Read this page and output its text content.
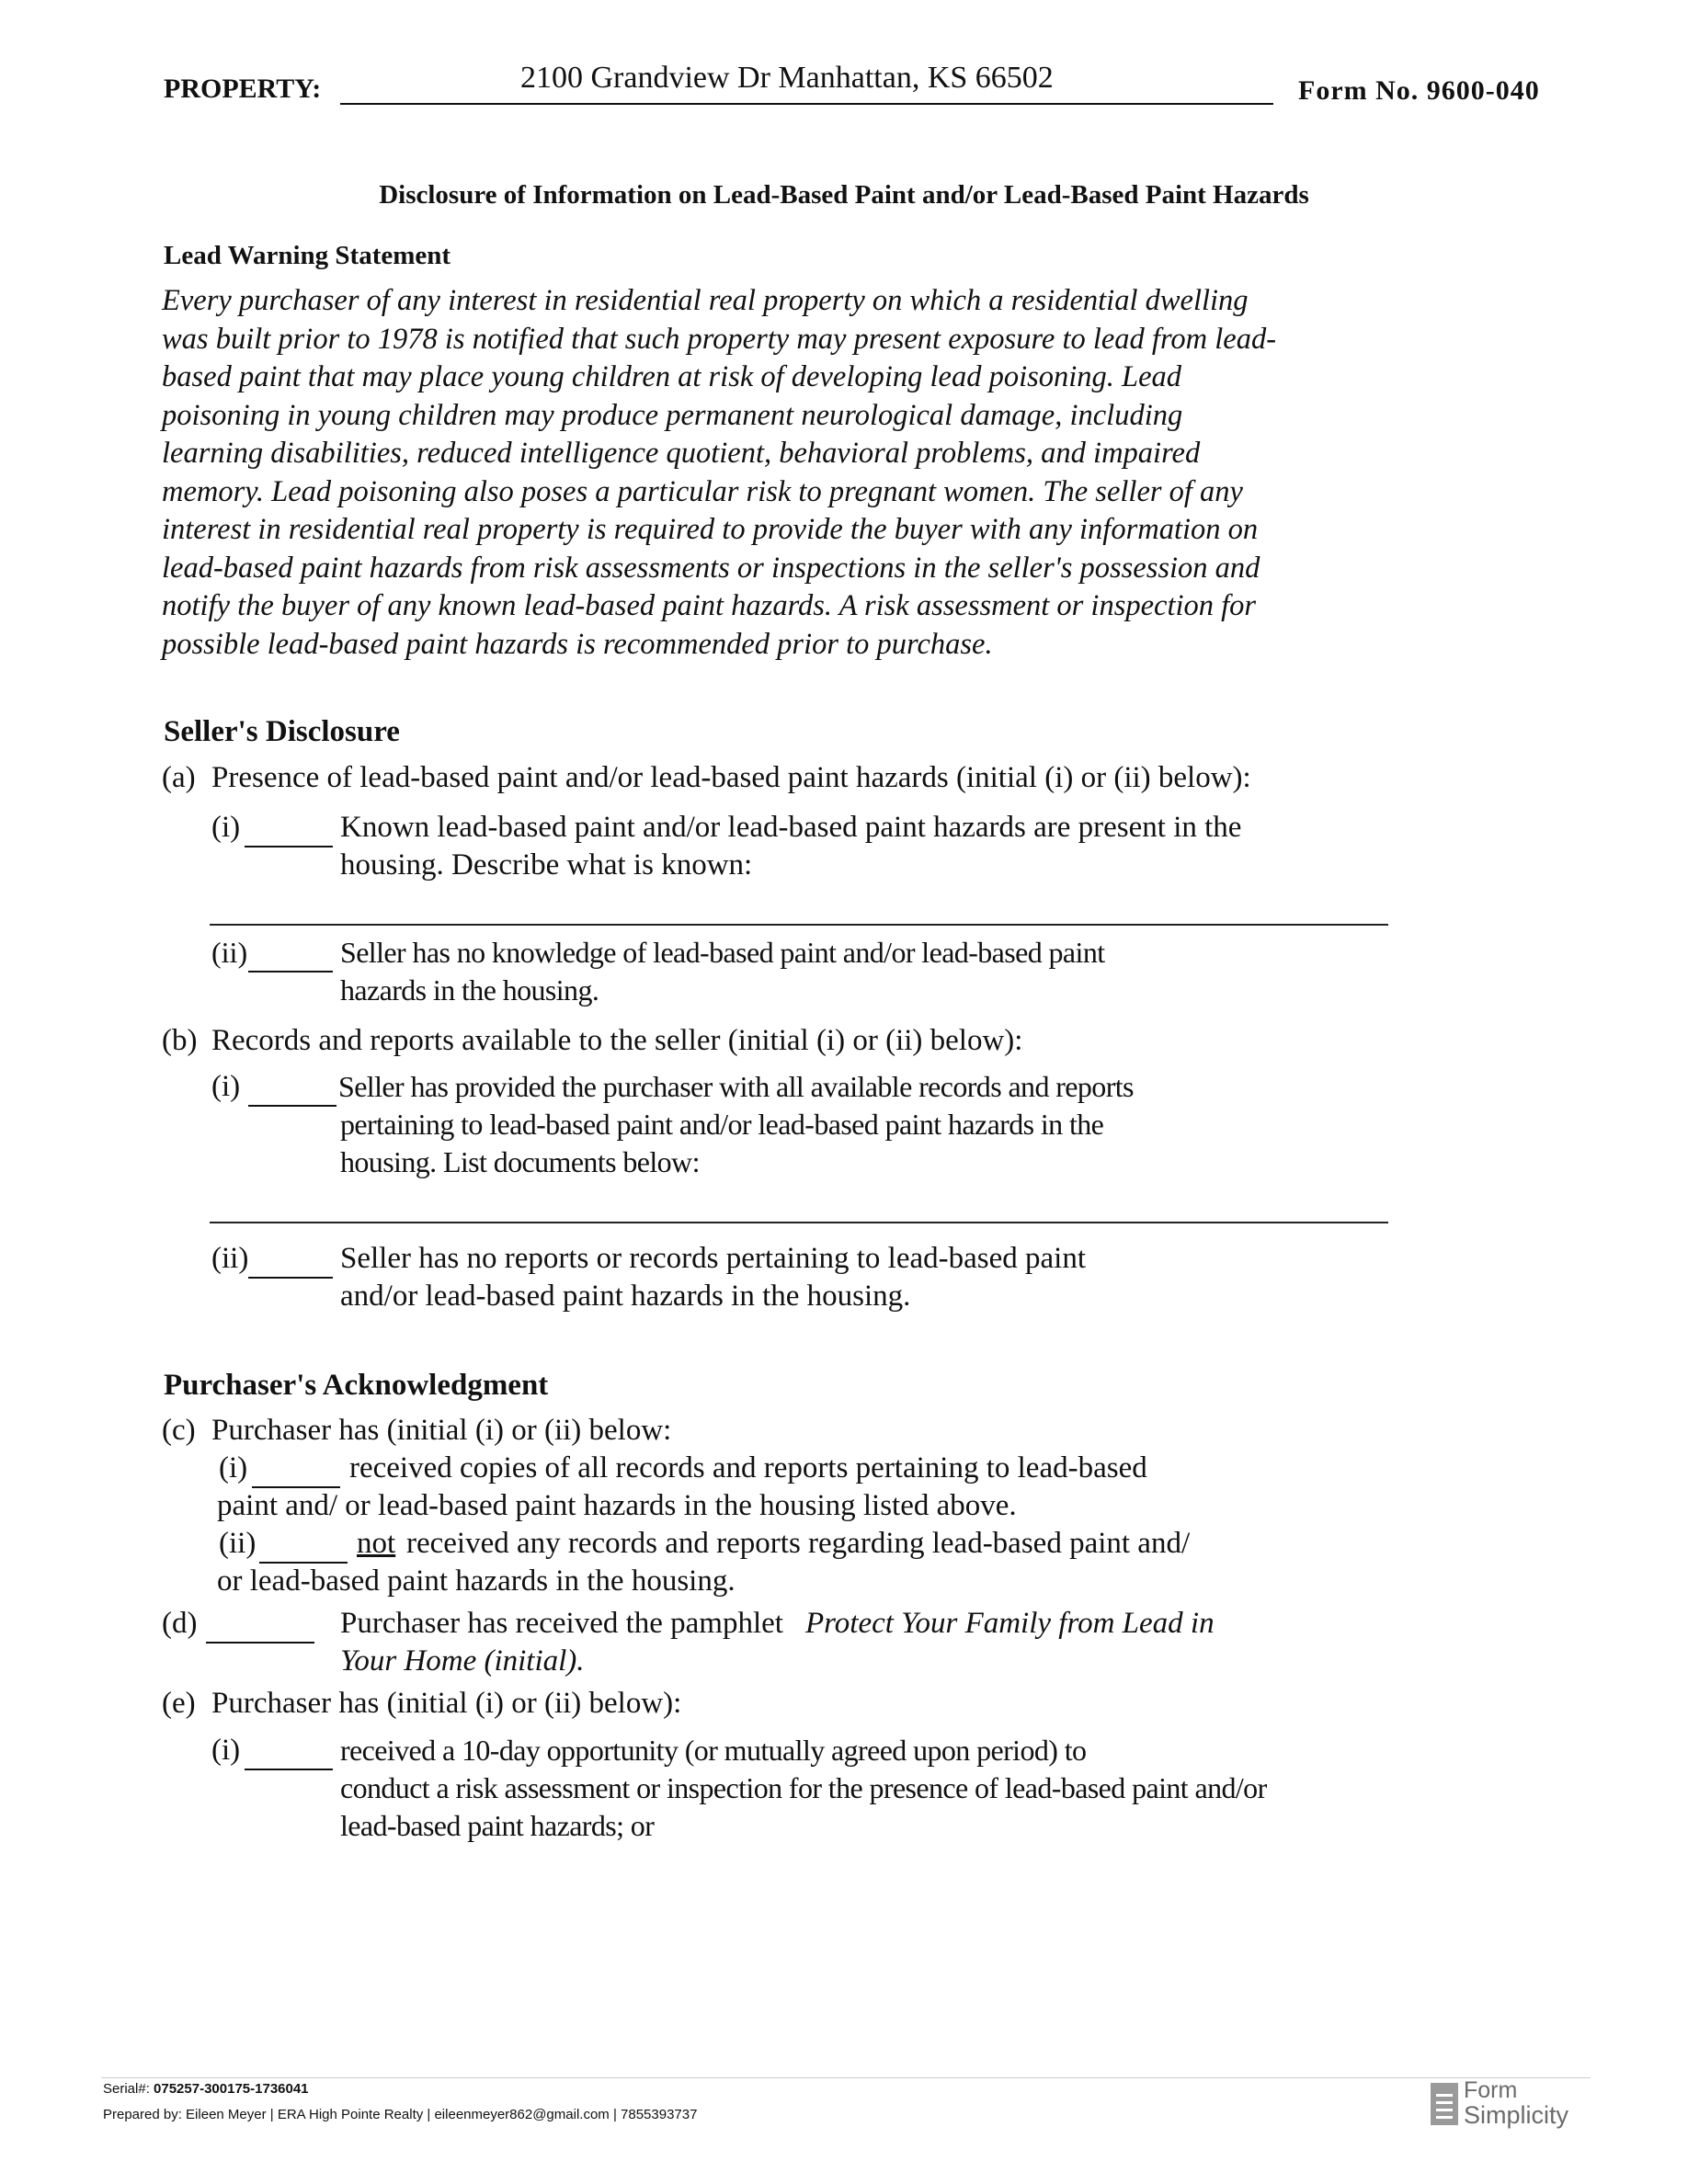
PROPERTY:	2100 Grandview Dr Manhattan, KS 66502	Form No. 9600-040
Disclosure of Information on Lead-Based Paint and/or Lead-Based Paint Hazards
Lead Warning Statement
Every purchaser of any interest in residential real property on which a residential dwelling
was built prior to 1978 is notified that such property may present exposure to lead from lead-
based paint that may place young children at risk of developing lead poisoning. Lead
poisoning in young children may produce permanent neurological damage, including
learning disabilities, reduced intelligence quotient, behavioral problems, and impaired
memory. Lead poisoning also poses a particular risk to pregnant women. The seller of any
interest in residential real property is required to provide the buyer with any information on
lead-based paint hazards from risk assessments or inspections in the seller's possession and
notify the buyer of any known lead-based paint hazards. A risk assessment or inspection for
possible lead-based paint hazards is recommended prior to purchase.
Seller's Disclosure
(a) Presence of lead-based paint and/or lead-based paint hazards (initial (i) or (ii) below):
(i)	Known lead-based paint and/or lead-based paint hazards are present in the
housing. Describe what is known:
(ii)	Seller has no knowledge of lead-based paint and/or lead-based paint
hazards in the housing.
(b) Records and reports available to the seller (initial (i) or (ii) below):
(i)	Seller has provided the purchaser with all available records and reports
pertaining to lead-based paint and/or lead-based paint hazards in the
housing. List documents below:
(ii)	Seller has no reports or records pertaining to lead-based paint
and/or lead-based paint hazards in the housing.
Purchaser's Acknowledgment
(c) Purchaser has (initial (i) or (ii) below:
(i)	received copies of all records and reports pertaining to lead-based
paint and/ or lead-based paint hazards in the housing listed above.
(ii)	not received any records and reports regarding lead-based paint and/
or lead-based paint hazards in the housing.
(d)	Purchaser has received the pamphlet Protect Your Family from Lead in
Your Home (initial).
(e) Purchaser has (initial (i) or (ii) below):
(i)	received a 10-day opportunity (or mutually agreed upon period) to
conduct a risk assessment or inspection for the presence of lead-based paint and/or
lead-based paint hazards; or
Serial#: 075257-300175-1736041
Prepared by: Eileen Meyer | ERA High Pointe Realty | eileenmeyer862@gmail.com | 7855393737
Form
Simplicity
